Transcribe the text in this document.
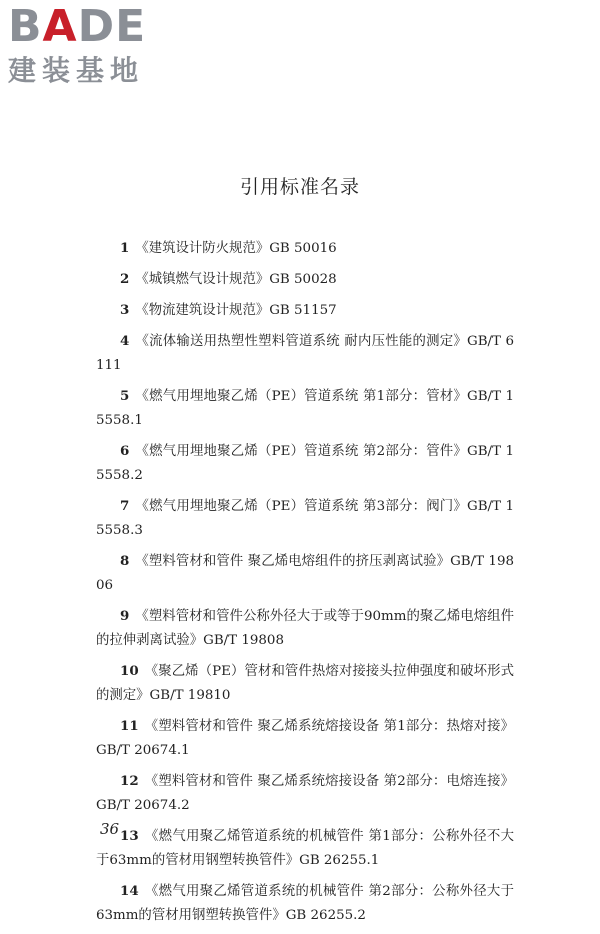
BADE
建装基地
引用标准名录
1 《建筑设计防火规范》GB 50016
2 《城镇燃气设计规范》GB 50028
3 《物流建筑设计规范》GB 51157
4 《流体输送用热塑性塑料管道系统 耐内压性能的测定》GB/T 6111
5 《燃气用埋地聚乙烯（PE）管道系统 第1部分：管材》GB/T 15558.1
6 《燃气用埋地聚乙烯（PE）管道系统 第2部分：管件》GB/T 15558.2
7 《燃气用埋地聚乙烯（PE）管道系统 第3部分：阀门》GB/T 15558.3
8 《塑料管材和管件 聚乙烯电熔组件的挤压剥离试验》GB/T 19806
9 《塑料管材和管件公称外径大于或等于90mm的聚乙烯电熔组件的拉伸剥离试验》GB/T 19808
10 《聚乙烯（PE）管材和管件热熔对接接头拉伸强度和破坏形式的测定》GB/T 19810
11 《塑料管材和管件 聚乙烯系统熔接设备 第1部分：热熔对接》GB/T 20674.1
12 《塑料管材和管件 聚乙烯系统熔接设备 第2部分：电熔连接》GB/T 20674.2
13 《燃气用聚乙烯管道系统的机械管件 第1部分：公称外径不大于63mm的管材用钢塑转换管件》GB 26255.1
14 《燃气用聚乙烯管道系统的机械管件 第2部分：公称外径大于63mm的管材用钢塑转换管件》GB 26255.2
36
